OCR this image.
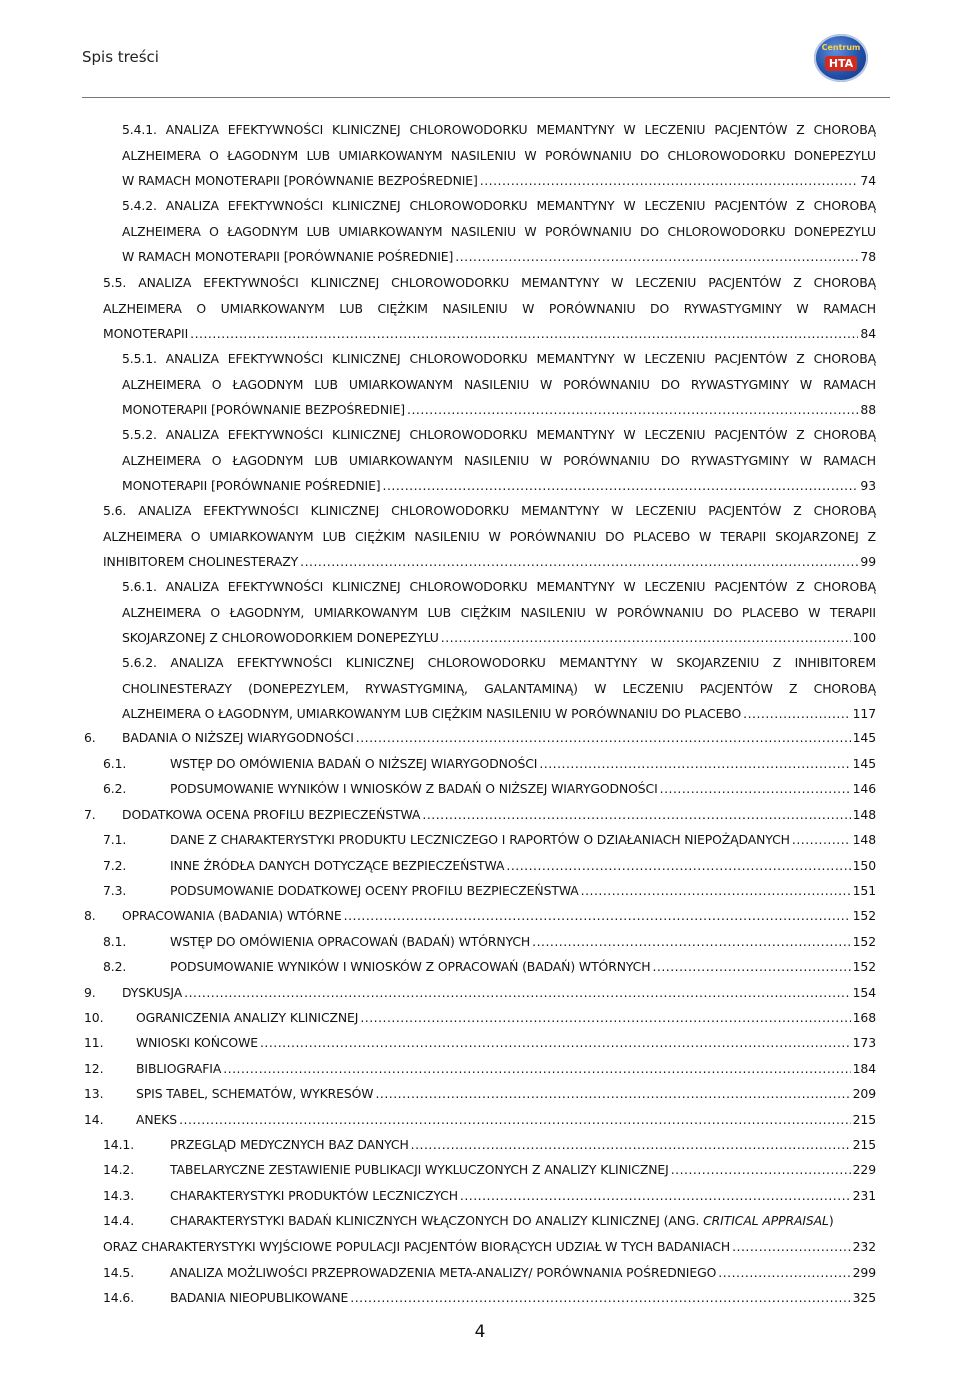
Spis treści
Centrum
HTA
5.4.1. ANALIZA EFEKTYWNOŚCI KLINICZNEJ CHLOROWODORKU MEMANTYNY W LECZENIU PACJENTÓW Z CHOROBĄ
ALZHEIMERA O ŁAGODNYM LUB UMIARKOWANYM NASILENIU W PORÓWNANIU DO CHLOROWODORKU DONEPEZYLU
W RAMACH MONOTERAPII [PORÓWNANIE BEZPOŚREDNIE] .....	74
5.4.2. ANALIZA EFEKTYWNOŚCI KLINICZNEJ CHLOROWODORKU MEMANTYNY W LECZENIU PACJENTÓW Z CHOROBĄ
ALZHEIMERA O ŁAGODNYM LUB UMIARKOWANYM NASILENIU W PORÓWNANIU DO CHLOROWODORKU DONEPEZYLU
W RAMACH MONOTERAPII [PORÓWNANIE POŚREDNIE] .....	78
5.5. ANALIZA EFEKTYWNOŚCI KLINICZNEJ CHLOROWODORKU MEMANTYNY W LECZENIU PACJENTÓW Z CHOROBĄ
ALZHEIMERA O UMIARKOWANYM LUB CIĘŻKIM NASILENIU W PORÓWNANIU DO RYWASTYGMINY W RAMACH
MONOTERAPII .....	84
5.5.1. ANALIZA EFEKTYWNOŚCI KLINICZNEJ CHLOROWODORKU MEMANTYNY W LECZENIU PACJENTÓW Z CHOROBĄ
ALZHEIMERA O ŁAGODNYM LUB UMIARKOWANYM NASILENIU W PORÓWNANIU DO RYWASTYGMINY W RAMACH
MONOTERAPII [PORÓWNANIE BEZPOŚREDNIE] .....	88
5.5.2. ANALIZA EFEKTYWNOŚCI KLINICZNEJ CHLOROWODORKU MEMANTYNY W LECZENIU PACJENTÓW Z CHOROBĄ
ALZHEIMERA O ŁAGODNYM LUB UMIARKOWANYM NASILENIU W PORÓWNANIU DO RYWASTYGMINY W RAMACH
MONOTERAPII [PORÓWNANIE POŚREDNIE] .....	93
5.6. ANALIZA EFEKTYWNOŚCI KLINICZNEJ CHLOROWODORKU MEMANTYNY W LECZENIU PACJENTÓW Z CHOROBĄ
ALZHEIMERA O UMIARKOWANYM LUB CIĘŻKIM NASILENIU W PORÓWNANIU DO PLACEBO W TERAPII SKOJARZONEJ Z
INHIBITOREM CHOLINESTERAZY .....	99
5.6.1. ANALIZA EFEKTYWNOŚCI KLINICZNEJ CHLOROWODORKU MEMANTYNY W LECZENIU PACJENTÓW Z CHOROBĄ
ALZHEIMERA O ŁAGODNYM, UMIARKOWANYM LUB CIĘŻKIM NASILENIU W PORÓWNANIU DO PLACEBO W TERAPII
SKOJARZONEJ Z CHLOROWODORKIEM DONEPEZYLU .....	100
5.6.2. ANALIZA EFEKTYWNOŚCI KLINICZNEJ CHLOROWODORKU MEMANTYNY W SKOJARZENIU Z INHIBITOREM
CHOLINESTERAZY (DONEPEZYLEM, RYWASTYGMINĄ, GALANTAMINĄ) W LECZENIU PACJENTÓW Z CHOROBĄ
ALZHEIMERA O ŁAGODNYM, UMIARKOWANYM LUB CIĘŻKIM NASILENIU W PORÓWNANIU DO PLACEBO .....	117
6.	BADANIA O NIŻSZEJ WIARYGODNOŚCI .....	145
6.1.	WSTĘP DO OMÓWIENIA BADAŃ O NIŻSZEJ WIARYGODNOŚCI .....	145
6.2.	PODSUMOWANIE WYNIKÓW I WNIOSKÓW Z BADAŃ O NIŻSZEJ WIARYGODNOŚCI .....	146
7.	DODATKOWA OCENA PROFILU BEZPIECZEŃSTWA .....	148
7.1.	DANE Z CHARAKTERYSTYKI PRODUKTU LECZNICZEGO I RAPORTÓW O DZIAŁANIACH NIEPOŻĄDANYCH .....	148
7.2.	INNE ŹRÓDŁA DANYCH DOTYCZĄCE BEZPIECZEŃSTWA .....	150
7.3.	PODSUMOWANIE DODATKOWEJ OCENY PROFILU BEZPIECZEŃSTWA .....	151
8.	OPRACOWANIA (BADANIA) WTÓRNE .....	152
8.1.	WSTĘP DO OMÓWIENIA OPRACOWAŃ (BADAŃ) WTÓRNYCH .....	152
8.2.	PODSUMOWANIE WYNIKÓW I WNIOSKÓW Z OPRACOWAŃ (BADAŃ) WTÓRNYCH .....	152
9.	DYSKUSJA .....	154
10.	OGRANICZENIA ANALIZY KLINICZNEJ .....	168
11.	WNIOSKI KOŃCOWE .....	173
12.	BIBLIOGRAFIA .....	184
13.	SPIS TABEL, SCHEMATÓW, WYKRESÓW .....	209
14.	ANEKS .....	215
14.1.	PRZEGLĄD MEDYCZNYCH BAZ DANYCH .....	215
14.2.	TABELARYCZNE ZESTAWIENIE PUBLIKACJI WYKLUCZONYCH Z ANALIZY KLINICZNEJ .....	229
14.3.	CHARAKTERYSTYKI PRODUKTÓW LECZNICZYCH .....	231
14.4.	CHARAKTERYSTYKI BADAŃ KLINICZNYCH WŁĄCZONYCH DO ANALIZY KLINICZNEJ (ANG. CRITICAL APPRAISAL)
ORAZ CHARAKTERYSTYKI WYJŚCIOWE POPULACJI PACJENTÓW BIORĄCYCH UDZIAŁ W TYCH BADANIACH .....	232
14.5.	ANALIZA MOŻLIWOŚCI PRZEPROWADZENIA META-ANALIZY/ PORÓWNANIA POŚREDNIEGO .....	299
14.6.	BADANIA NIEOPUBLIKOWANE .....	325
4
